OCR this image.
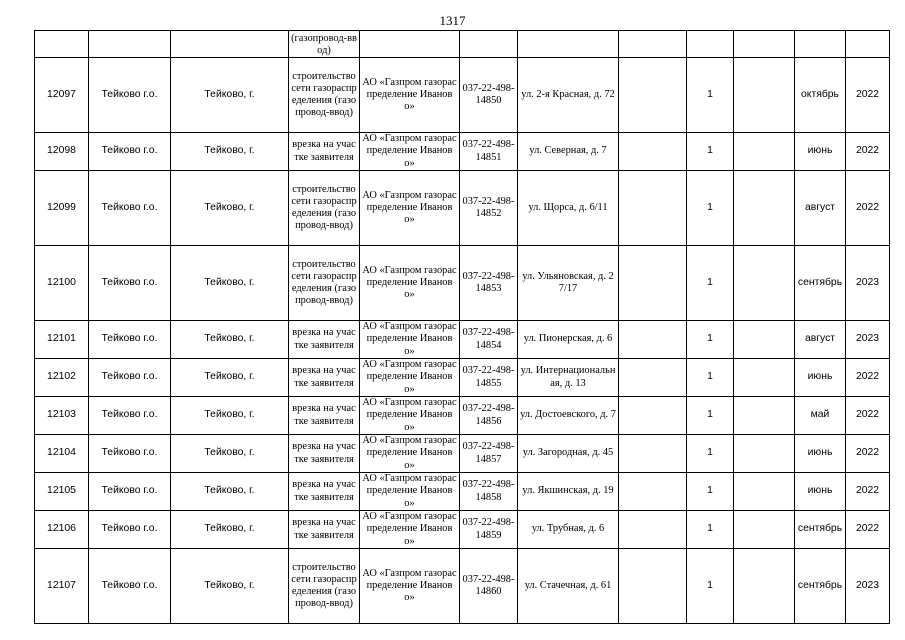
1317
			(газопровод-ввод)								
12097	Тейково г.о.	Тейково, г.	строительство сети газораспределения (газопровод-ввод)	АО «Газпром газораспределение Иваново»	037-22-498-14850	ул. 2-я Красная, д. 72		1		октябрь	2022
12098	Тейково г.о.	Тейково, г.	врезка на участке заявителя	АО «Газпром газораспределение Иваново»	037-22-498-14851	ул. Северная, д. 7		1		июнь	2022
12099	Тейково г.о.	Тейково, г.	строительство сети газораспределения (газопровод-ввод)	АО «Газпром газораспределение Иваново»	037-22-498-14852	ул. Щорса, д. 6/11		1		август	2022
12100	Тейково г.о.	Тейково, г.	строительство сети газораспределения (газопровод-ввод)	АО «Газпром газораспределение Иваново»	037-22-498-14853	ул. Ульяновская, д. 27/17		1		сентябрь	2023
12101	Тейково г.о.	Тейково, г.	врезка на участке заявителя	АО «Газпром газораспределение Иваново»	037-22-498-14854	ул. Пионерская, д. 6		1		август	2023
12102	Тейково г.о.	Тейково, г.	врезка на участке заявителя	АО «Газпром газораспределение Иваново»	037-22-498-14855	ул. Интернациональная, д. 13		1		июнь	2022
12103	Тейково г.о.	Тейково, г.	врезка на участке заявителя	АО «Газпром газораспределение Иваново»	037-22-498-14856	ул. Достоевского, д. 7		1		май	2022
12104	Тейково г.о.	Тейково, г.	врезка на участке заявителя	АО «Газпром газораспределение Иваново»	037-22-498-14857	ул. Загородная, д. 45		1		июнь	2022
12105	Тейково г.о.	Тейково, г.	врезка на участке заявителя	АО «Газпром газораспределение Иваново»	037-22-498-14858	ул. Якшинская, д. 19		1		июнь	2022
12106	Тейково г.о.	Тейково, г.	врезка на участке заявителя	АО «Газпром газораспределение Иваново»	037-22-498-14859	ул. Трубная, д. 6		1		сентябрь	2022
12107	Тейково г.о.	Тейково, г.	строительство сети газораспределения (газопровод-ввод)	АО «Газпром газораспределение Иваново»	037-22-498-14860	ул. Стачечная, д. 61		1		сентябрь	2023
